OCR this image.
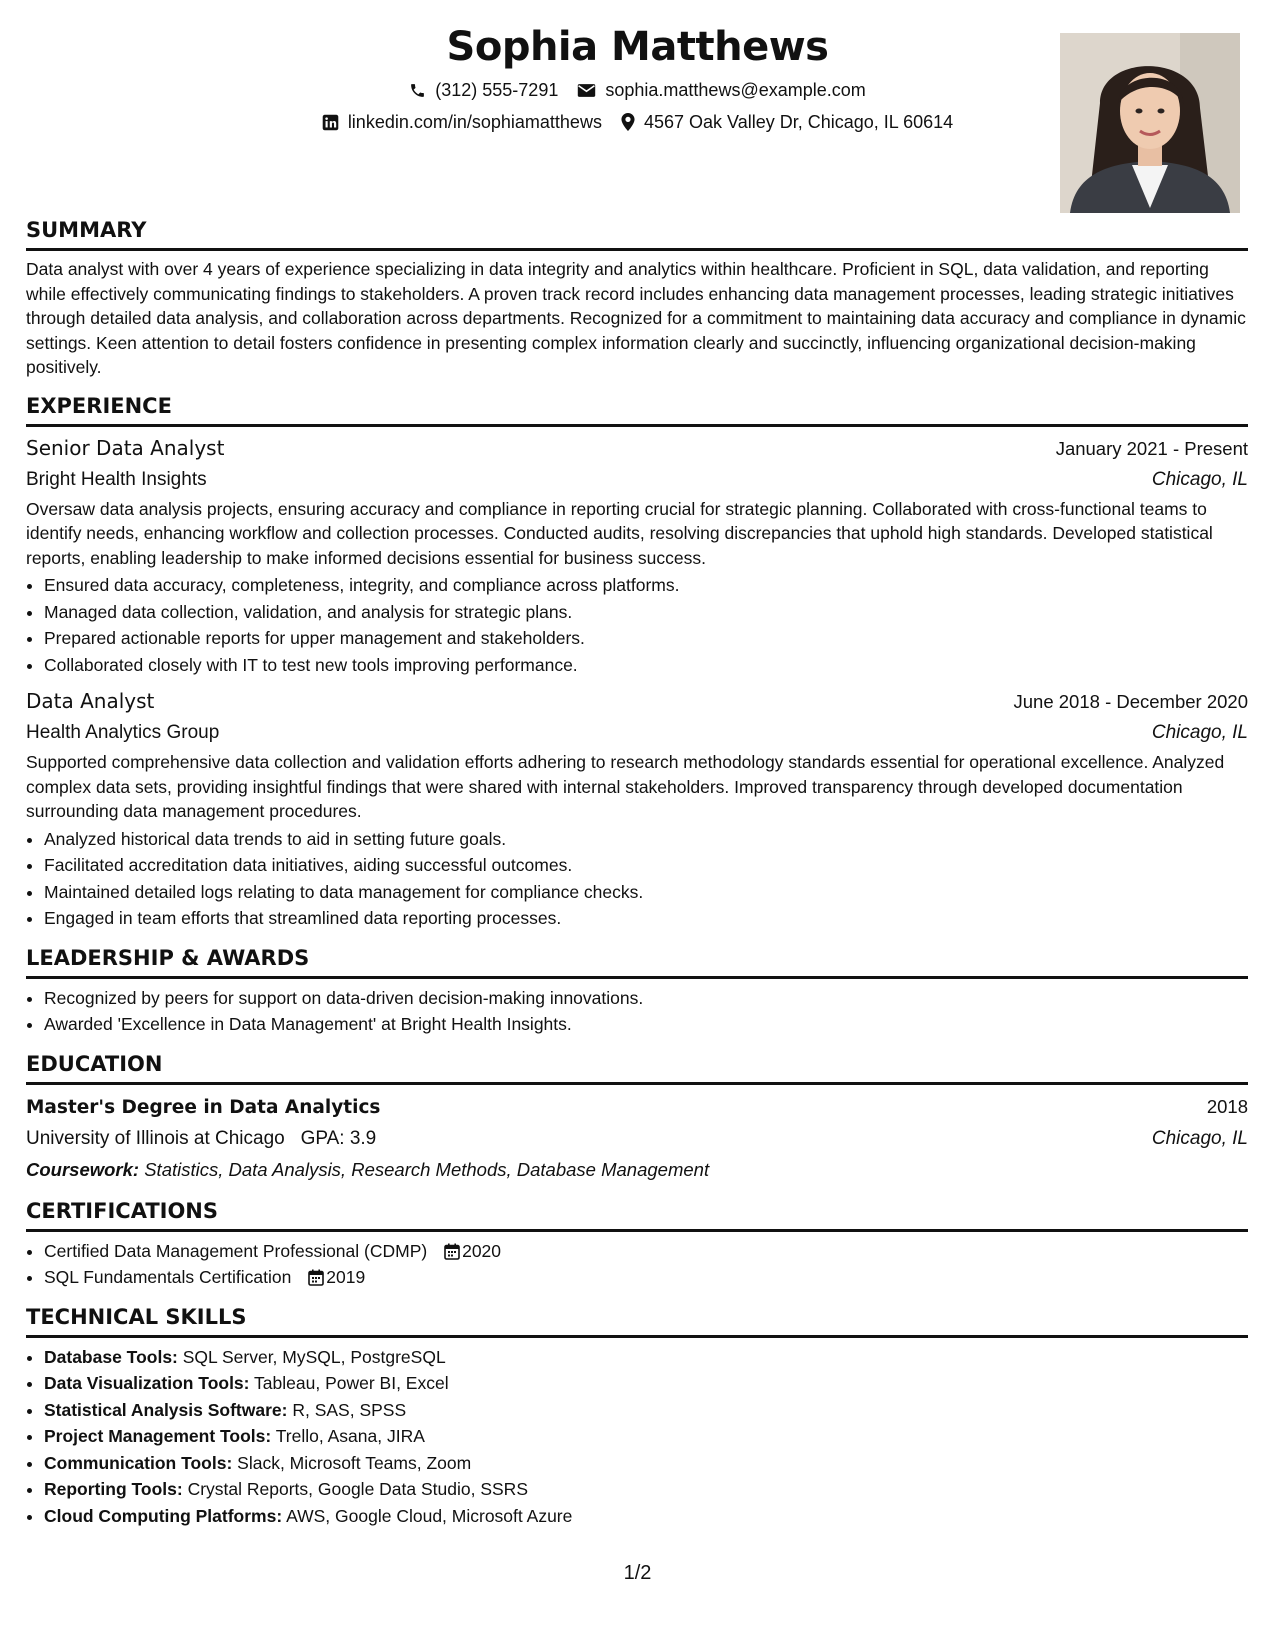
Sophia Matthews
(312) 555-7291	sophia.matthews@example.com
linkedin.com/in/sophiamatthews 4567 Oak Valley Dr, Chicago, IL 60614
SUMMARY

Data analyst with over 4 years of experience specializing in data integrity and analytics within healthcare. Proficient in SQL, data validation, and reporting while effectively communicating findings to stakeholders. A proven track record includes enhancing data management processes, leading strategic initiatives through detailed data analysis, and collaboration across departments. Recognized for a commitment to maintaining data accuracy and compliance in dynamic settings. Keen attention to detail fosters confidence in presenting complex information clearly and succinctly, influencing organizational decision-making positively.

EXPERIENCE
Senior Data Analyst	January 2021 - Present
Bright Health Insights	Chicago, IL

Oversaw data analysis projects, ensuring accuracy and compliance in reporting crucial for strategic planning. Collaborated with cross-functional teams to identify needs, enhancing workflow and collection processes. Conducted audits, resolving discrepancies that uphold high standards. Developed statistical reports, enabling leadership to make informed decisions essential for business success.

• Ensured data accuracy, completeness, integrity, and compliance across platforms.
• Managed data collection, validation, and analysis for strategic plans.
• Prepared actionable reports for upper management and stakeholders.
• Collaborated closely with IT to test new tools improving performance.
Data Analyst	June 2018 - December 2020
Health Analytics Group	Chicago, IL

Supported comprehensive data collection and validation efforts adhering to research methodology standards essential for operational excellence. Analyzed complex data sets, providing insightful findings that were shared with internal stakeholders. Improved transparency through developed documentation surrounding data management procedures.

• Analyzed historical data trends to aid in setting future goals.
• Facilitated accreditation data initiatives, aiding successful outcomes.
• Maintained detailed logs relating to data management for compliance checks.
• Engaged in team efforts that streamlined data reporting processes.
LEADERSHIP & AWARDS
• Recognized by peers for support on data-driven decision-making innovations.
• Awarded 'Excellence in Data Management' at Bright Health Insights.
EDUCATION
Master's Degree in Data Analytics	2018
University of Illinois at Chicago GPA: 3.9	Chicago, IL
Coursework: Statistics, Data Analysis, Research Methods, Database Management
CERTIFICATIONS
• Certified Data Management Professional (CDMP) 2020
• SQL Fundamentals Certification 2019
TECHNICAL SKILLS
• Database Tools: SQL Server, MySQL, PostgreSQL
• Data Visualization Tools: Tableau, Power BI, Excel
• Statistical Analysis Software: R, SAS, SPSS
• Project Management Tools: Trello, Asana, JIRA
• Communication Tools: Slack, Microsoft Teams, Zoom
• Reporting Tools: Crystal Reports, Google Data Studio, SSRS
• Cloud Computing Platforms: AWS, Google Cloud, Microsoft Azure
1/2
